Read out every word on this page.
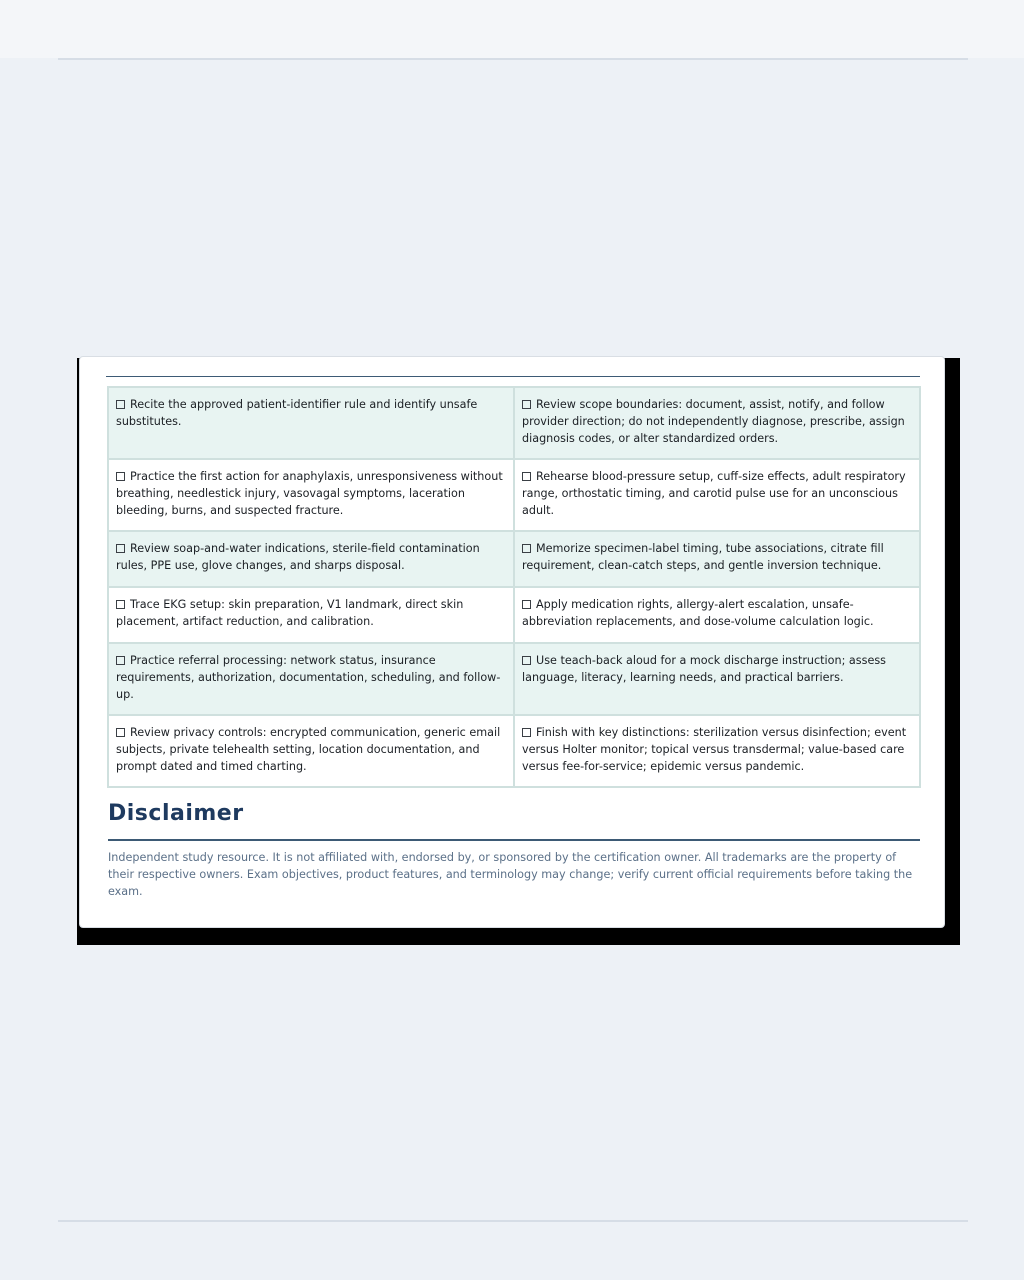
Recite the approved patient-identifier rule and identify unsafe substitutes.	Review scope boundaries: document, assist, notify, and follow provider direction; do not independently diagnose, prescribe, assign diagnosis codes, or alter standardized orders.
Practice the first action for anaphylaxis, unresponsiveness without breathing, needlestick injury, vasovagal symptoms, laceration bleeding, burns, and suspected fracture.	Rehearse blood-pressure setup, cuff-size effects, adult respiratory range, orthostatic timing, and carotid pulse use for an unconscious adult.
Review soap-and-water indications, sterile-field contamination rules, PPE use, glove changes, and sharps disposal.	Memorize specimen-label timing, tube associations, citrate fill requirement, clean-catch steps, and gentle inversion technique.
Trace EKG setup: skin preparation, V1 landmark, direct skin placement, artifact reduction, and calibration.	Apply medication rights, allergy-alert escalation, unsafe-abbreviation replacements, and dose-volume calculation logic.
Practice referral processing: network status, insurance requirements, authorization, documentation, scheduling, and follow-up.	Use teach-back aloud for a mock discharge instruction; assess language, literacy, learning needs, and practical barriers.
Review privacy controls: encrypted communication, generic email subjects, private telehealth setting, location documentation, and prompt dated and timed charting.	Finish with key distinctions: sterilization versus disinfection; event versus Holter monitor; topical versus transdermal; value-based care versus fee-for-service; epidemic versus pandemic.
Disclaimer

Independent study resource. It is not affiliated with, endorsed by, or sponsored by the certification owner. All trademarks are the property of their respective owners. Exam objectives, product features, and terminology may change; verify current official requirements before taking the exam.
